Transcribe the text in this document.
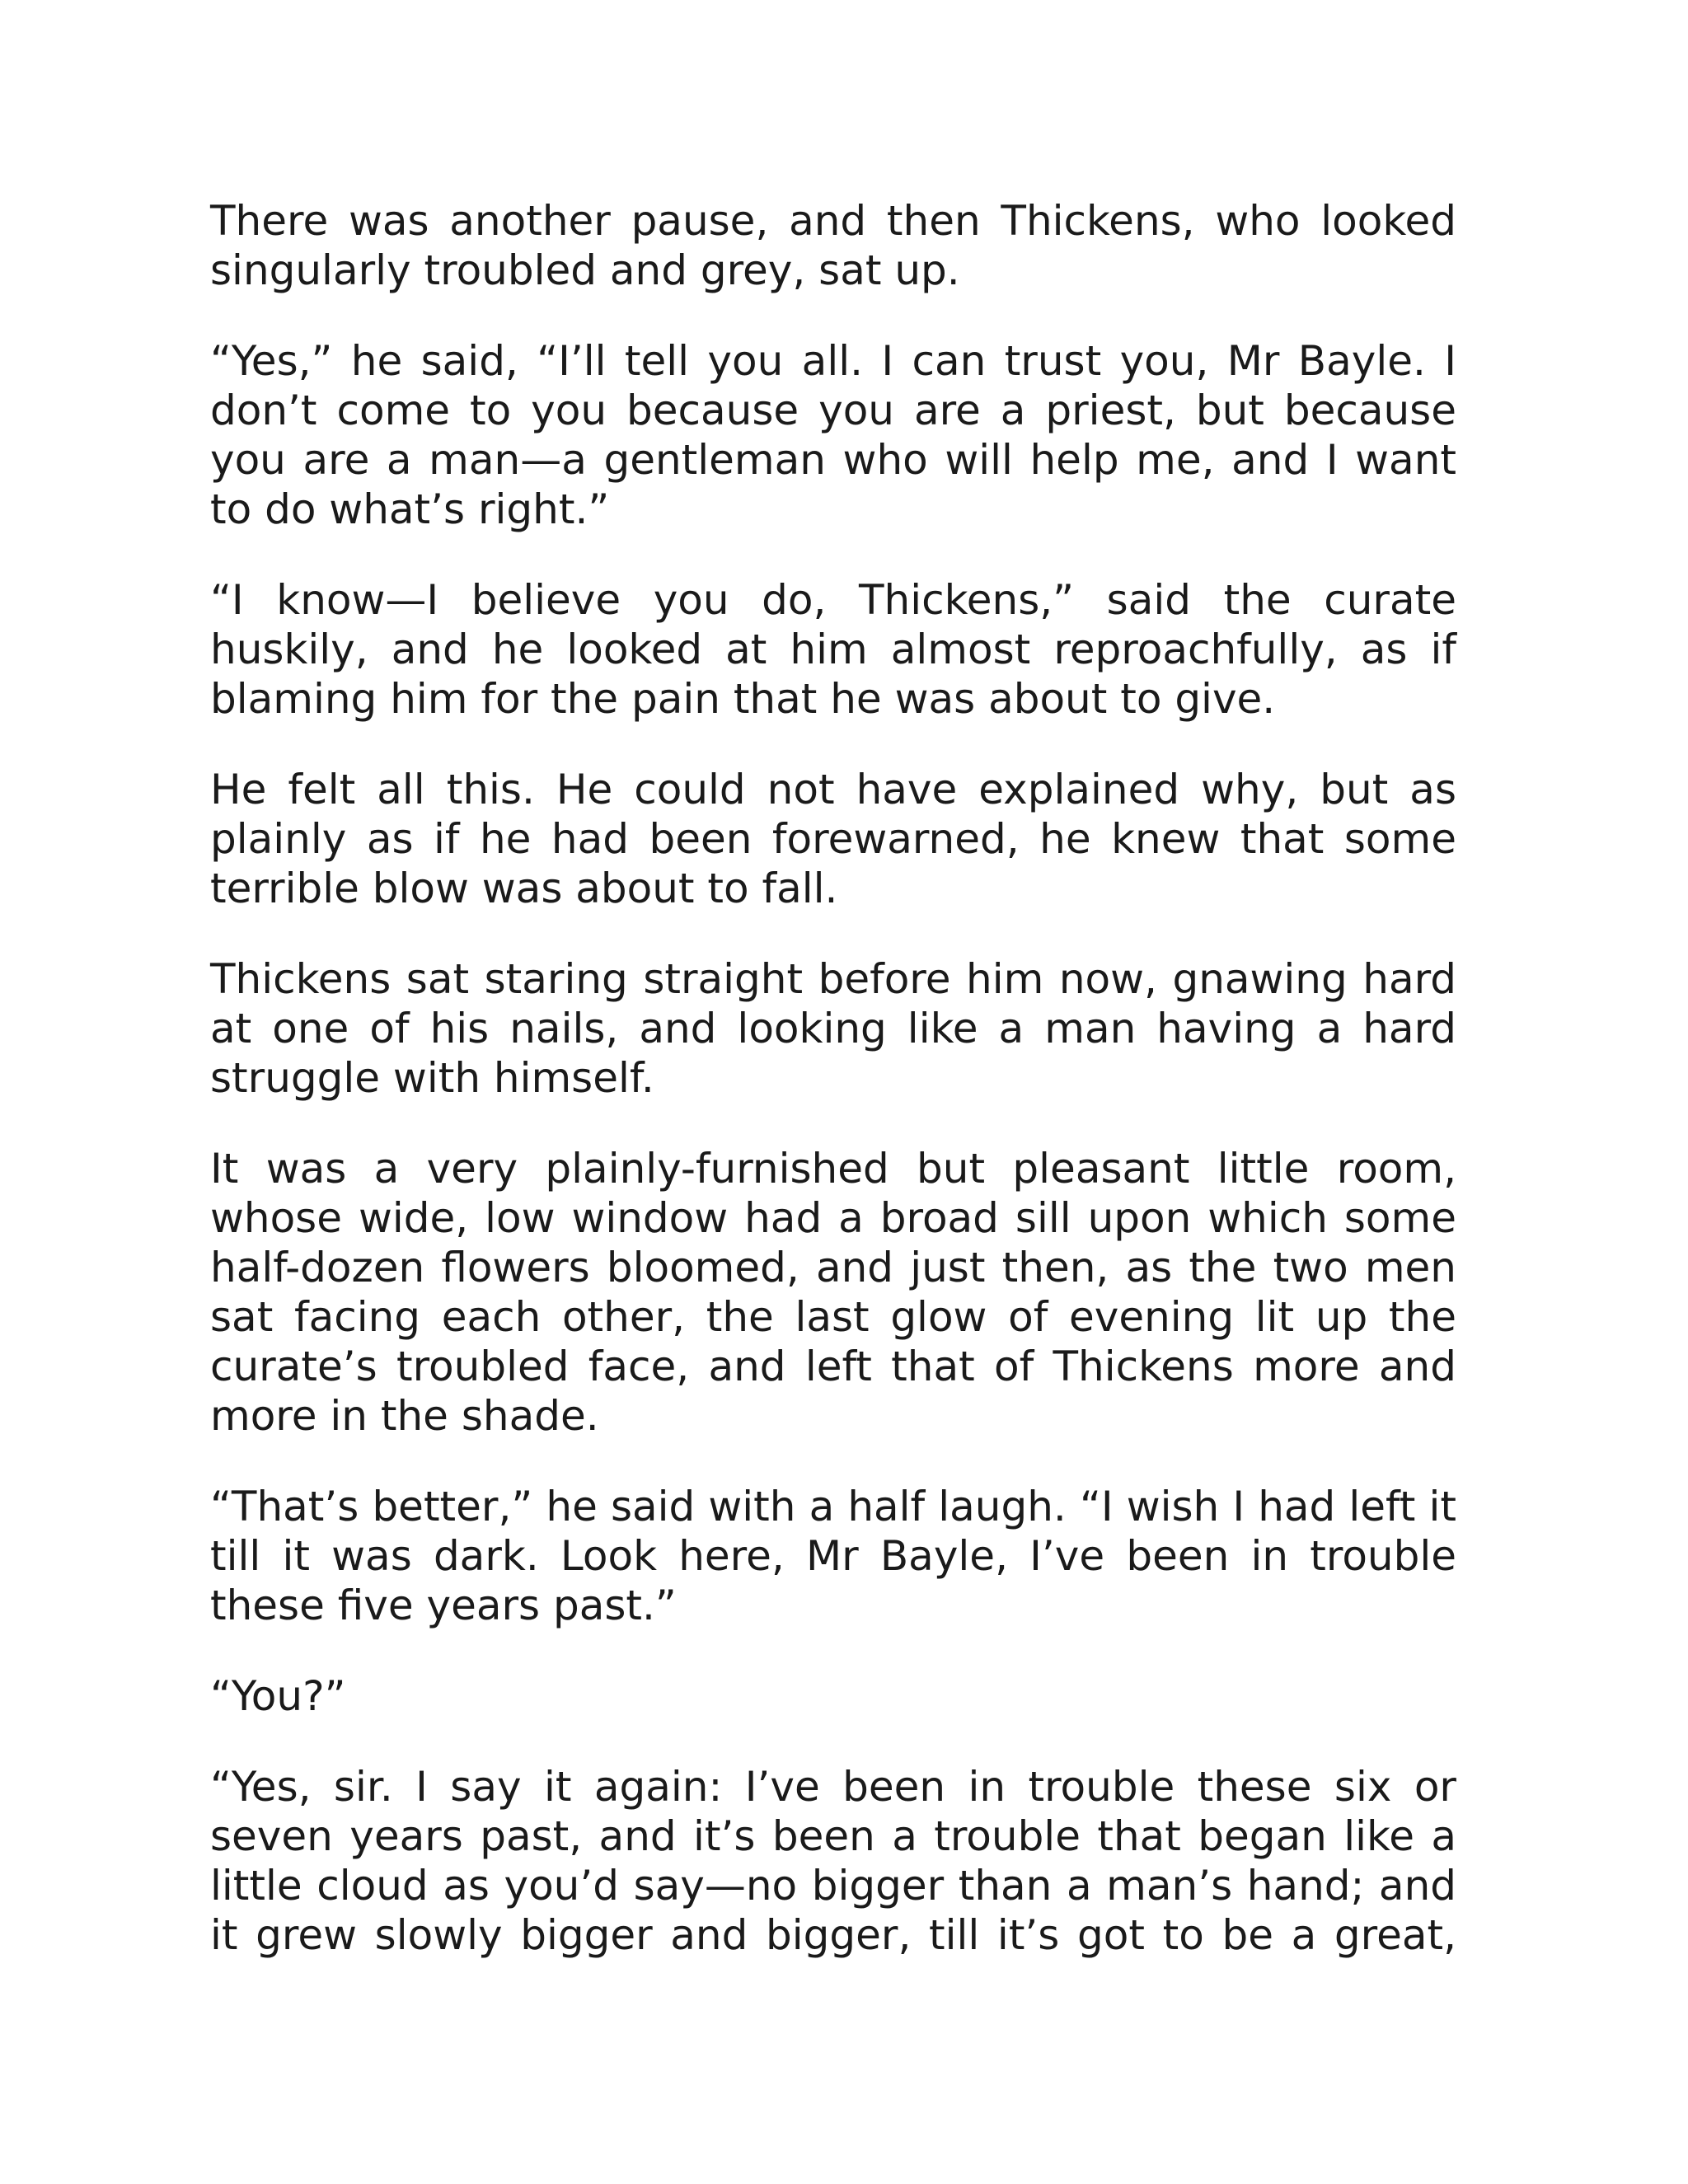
There was another pause, and then Thickens, who looked singularly troubled and grey, sat up.

“Yes,” he said, “I’ll tell you all. I can trust you, Mr Bayle. I don’t come to you because you are a priest, but because you are a man—a gentleman who will help me, and I want to do what’s right.”

“I know—I believe you do, Thickens,” said the curate huskily, and he looked at him almost reproachfully, as if blaming him for the pain that he was about to give.

He felt all this. He could not have explained why, but as plainly as if he had been forewarned, he knew that some terrible blow was about to fall.

Thickens sat staring straight before him now, gnawing hard at one of his nails, and looking like a man having a hard struggle with himself.

It was a very plainly-furnished but pleasant little room, whose wide, low window had a broad sill upon which some half-dozen flowers bloomed, and just then, as the two men sat facing each other, the last glow of evening lit up the curate’s troubled face, and left that of Thickens more and more in the shade.

“That’s better,” he said with a half laugh. “I wish I had left it till it was dark. Look here, Mr Bayle, I’ve been in trouble these five years past.”

“You?”

“Yes, sir. I say it again: I’ve been in trouble these six or seven years past, and it’s been a trouble that began like a little cloud as you’d say—no bigger than a man’s hand; and it grew slowly bigger and bigger, till it’s got to be a great,
